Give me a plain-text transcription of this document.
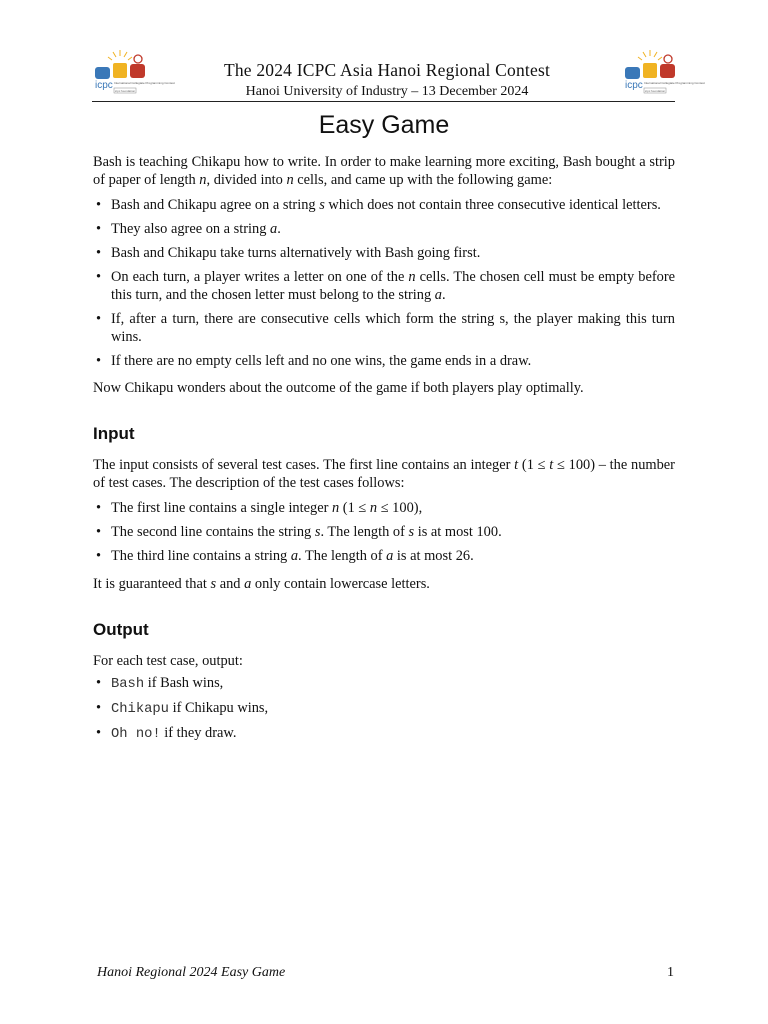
icpc International Collegiate Programming Contest
icpc foundation	icpc International Collegiate Programming Contest
icpc foundation
The 2024 ICPC Asia Hanoi Regional Contest
Hanoi University of Industry – 13 December 2024
Easy Game

Bash is teaching Chikapu how to write. In order to make learning more exciting, Bash bought a strip of paper of length n, divided into n cells, and came up with the following game:

• Bash and Chikapu agree on a string s which does not contain three consecutive identical letters.
• They also agree on a string a.
• Bash and Chikapu take turns alternatively with Bash going first.
• On each turn, a player writes a letter on one of the n cells. The chosen cell must be empty before this turn, and the chosen letter must belong to the string a.
• If, after a turn, there are consecutive cells which form the string s, the player making this turn wins.
• If there are no empty cells left and no one wins, the game ends in a draw.

Now Chikapu wonders about the outcome of the game if both players play optimally.

Input

The input consists of several test cases. The first line contains an integer t (1 ≤ t ≤ 100) – the number of test cases. The description of the test cases follows:

• The first line contains a single integer n (1 ≤ n ≤ 100),
• The second line contains the string s. The length of s is at most 100.
• The third line contains a string a. The length of a is at most 26.

It is guaranteed that s and a only contain lowercase letters.

Output

For each test case, output:

• Bash if Bash wins,
• Chikapu if Chikapu wins,
• Oh no! if they draw.
Hanoi Regional 2024 Easy Game	1
